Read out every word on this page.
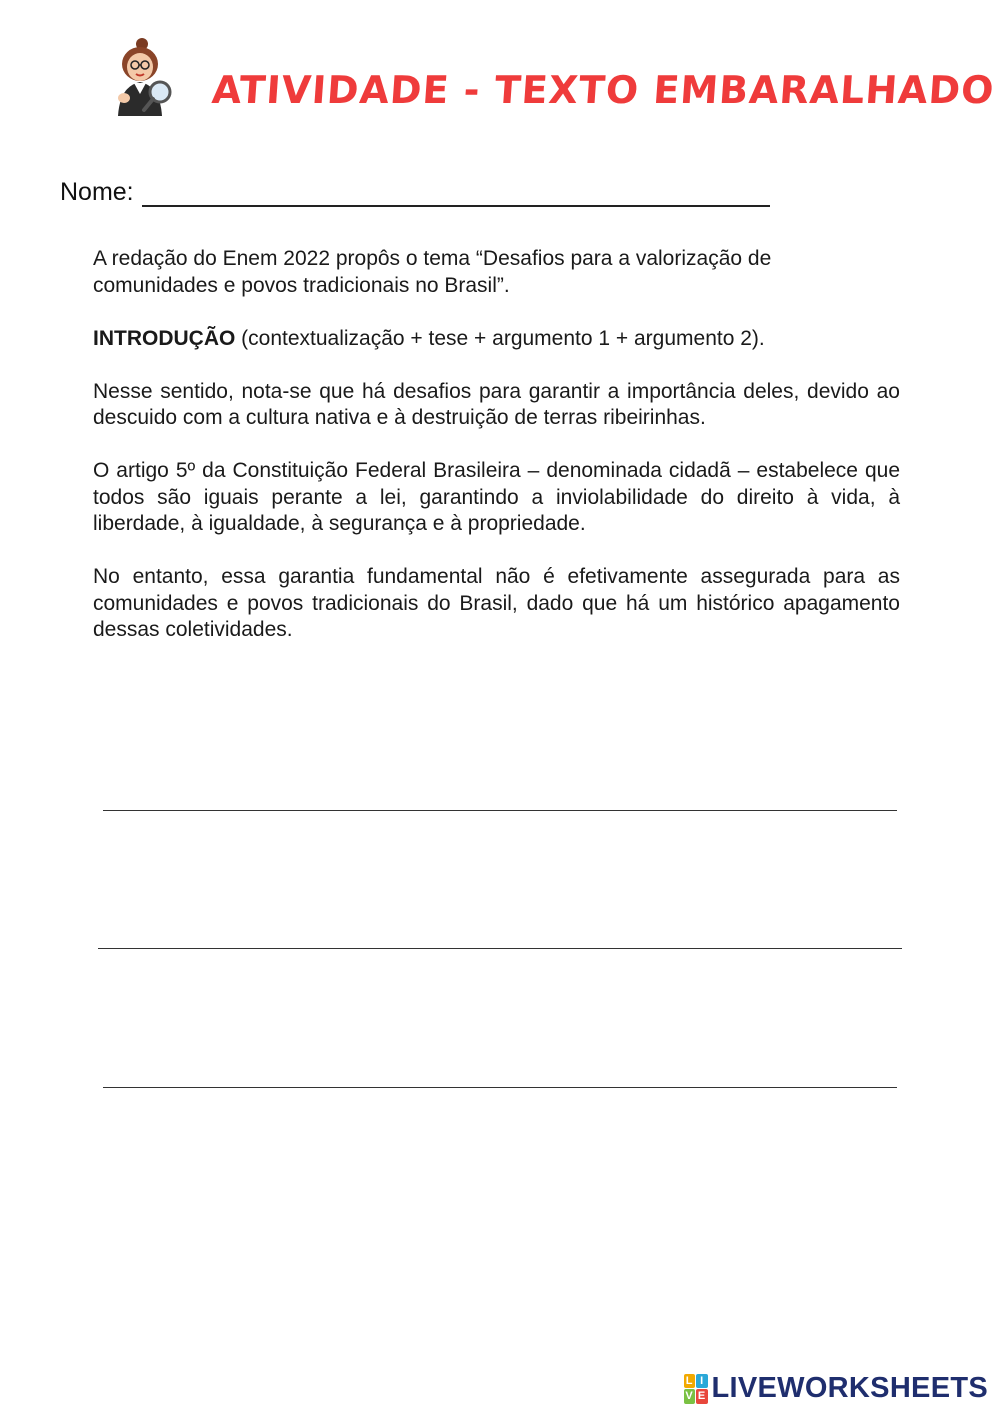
ATIVIDADE - TEXTO EMBARALHADO
Nome:

A redação do Enem 2022 propôs o tema “Desafios para a valorização de comunidades e povos tradicionais no Brasil”.

INTRODUÇÃO (contextualização + tese + argumento 1 + argumento 2).

Nesse sentido, nota-se que há desafios para garantir a importância deles, devido ao descuido com a cultura nativa e à destruição de terras ribeirinhas.

O artigo 5º da Constituição Federal Brasileira – denominada cidadã – estabelece que todos são iguais perante a lei, garantindo a inviolabilidade do direito à vida, à liberdade, à igualdade, à segurança e à propriedade.

No entanto, essa garantia fundamental não é efetivamente assegurada para as comunidades e povos tradicionais do Brasil, dado que há um histórico apagamento dessas coletividades.

L I
V E LIVEWORKSHEETS
